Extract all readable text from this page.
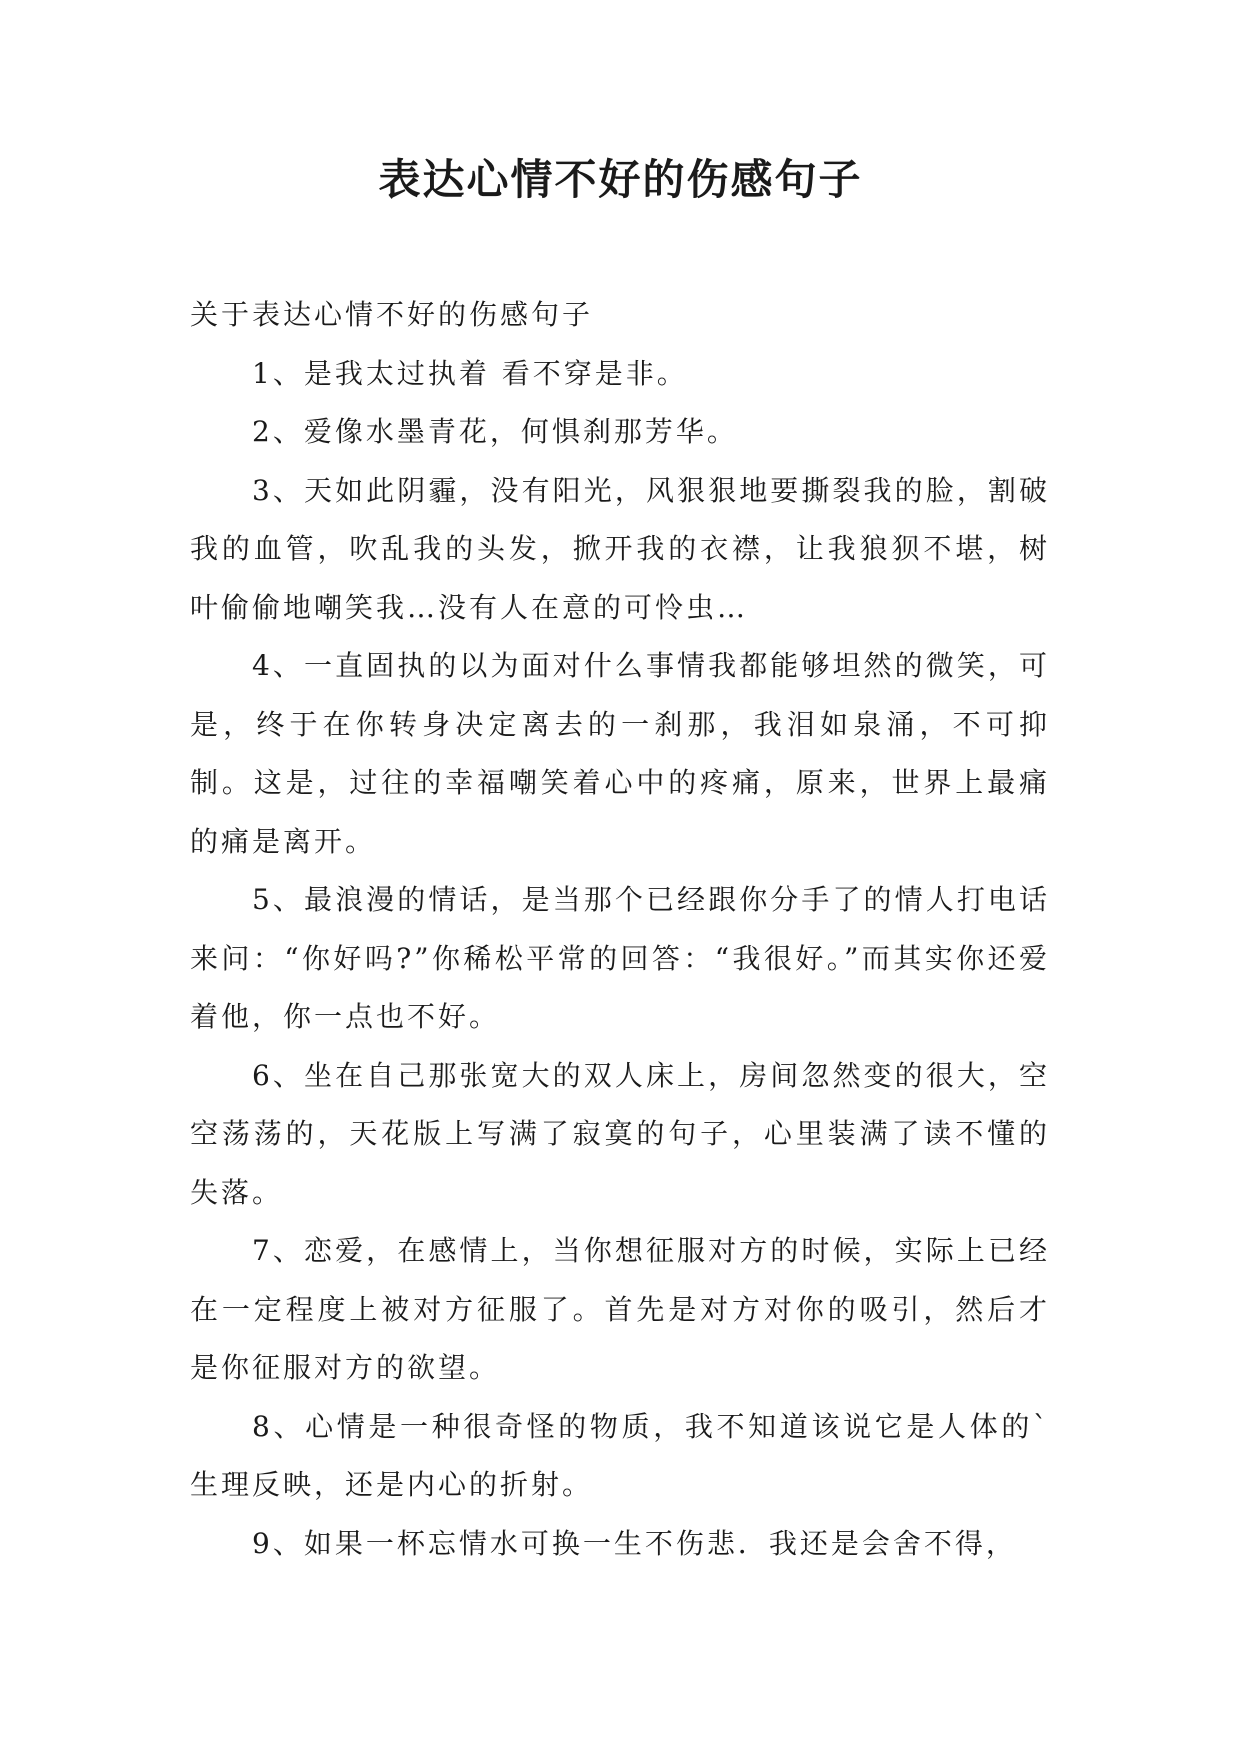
表达心情不好的伤感句子

关于表达心情不好的伤感句子

1、是我太过执着 看不穿是非。

2、爱像水墨青花，何惧刹那芳华。

3、天如此阴霾，没有阳光，风狠狠地要撕裂我的脸，割破我的血管，吹乱我的头发，掀开我的衣襟，让我狼狈不堪，树叶偷偷地嘲笑我…没有人在意的可怜虫…

4、一直固执的以为面对什么事情我都能够坦然的微笑，可是，终于在你转身决定离去的一刹那，我泪如泉涌，不可抑制。这是，过往的幸福嘲笑着心中的疼痛，原来，世界上最痛的痛是离开。

5、最浪漫的情话，是当那个已经跟你分手了的情人打电话来问：“你好吗?”你稀松平常的回答：“我很好。”而其实你还爱着他，你一点也不好。

6、坐在自己那张宽大的双人床上，房间忽然变的很大，空空荡荡的，天花版上写满了寂寞的句子，心里装满了读不懂的失落。

7、恋爱，在感情上，当你想征服对方的时候，实际上已经在一定程度上被对方征服了。首先是对方对你的吸引，然后才是你征服对方的欲望。

8、心情是一种很奇怪的物质，我不知道该说它是人体的`生理反映，还是内心的折射。

9、如果一杯忘情水可换一生不伤悲．我还是会舍不得，
